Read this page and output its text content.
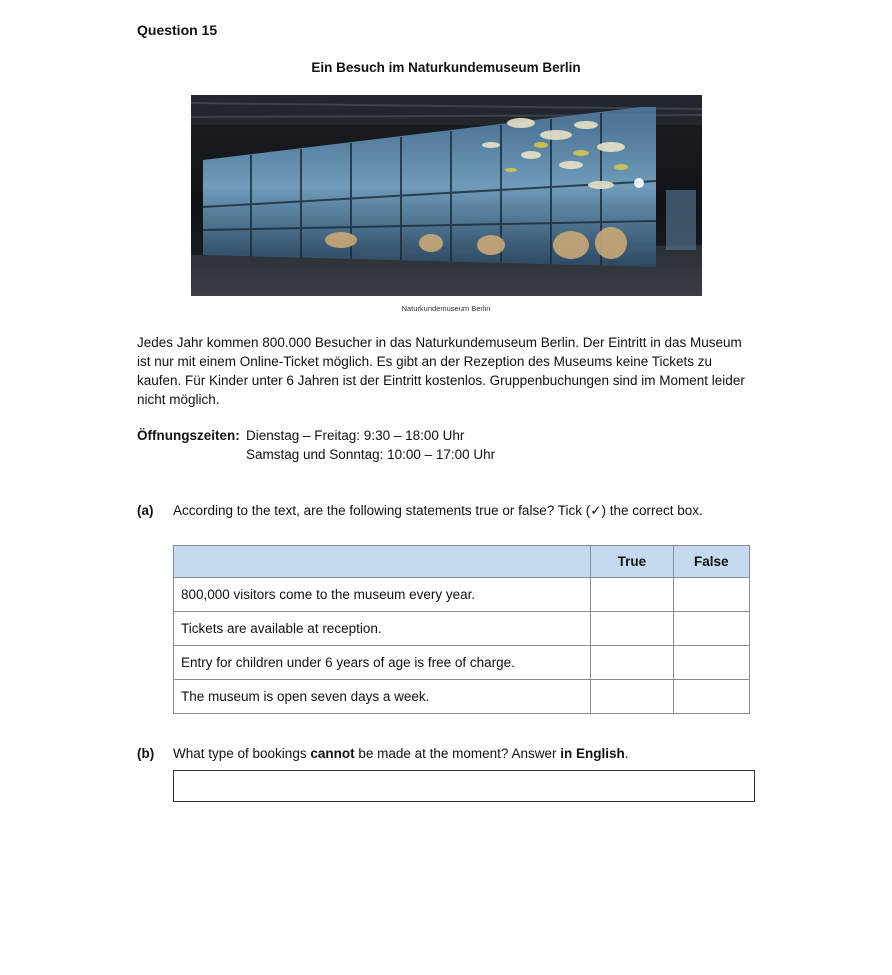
Question 15
Ein Besuch im Naturkundemuseum Berlin
Naturkundemuseum Berlin
Jedes Jahr kommen 800.000 Besucher in das Naturkundemuseum Berlin. Der Eintritt in das Museum ist nur mit einem Online-Ticket möglich. Es gibt an der Rezeption des Museums keine Tickets zu kaufen. Für Kinder unter 6 Jahren ist der Eintritt kostenlos. Gruppenbuchungen sind im Moment leider nicht möglich.
Öffnungszeiten: Dienstag – Freitag: 9:30 – 18:00 Uhr
Samstag und Sonntag: 10:00 – 17:00 Uhr
(a) According to the text, are the following statements true or false? Tick (✓) the correct box.
	True	False
800,000 visitors come to the museum every year.		
Tickets are available at reception.		
Entry for children under 6 years of age is free of charge.		
The museum is open seven days a week.		
(b) What type of bookings cannot be made at the moment? Answer in English.
